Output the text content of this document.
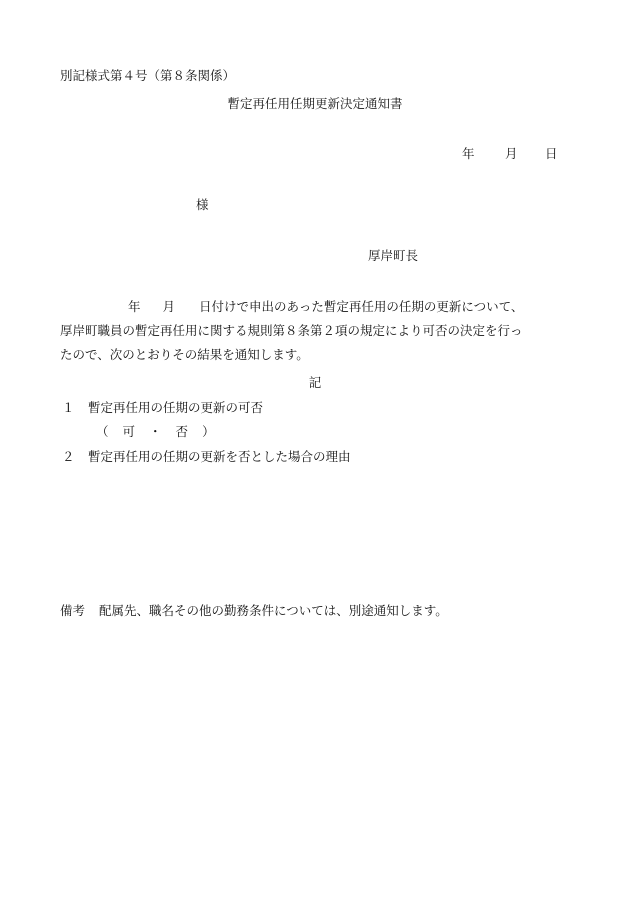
別記様式第４号（第８条関係）

暫定再任用任期更新決定通知書

年 月 日
様
厚岸町長

年 月 日付けで申出のあった暫定再任用の任期の更新について、
厚岸町職員の暫定再任用に関する規則第８条第２項の規定により可否の決定を行っ
たので、次のとおりその結果を通知します。

記
１ 暫定再任用の任期の更新の可否
（ 可 ・ 否 ）
２ 暫定再任用の任期の更新を否とした場合の理由
備考 配属先、職名その他の勤務条件については、別途通知します。
